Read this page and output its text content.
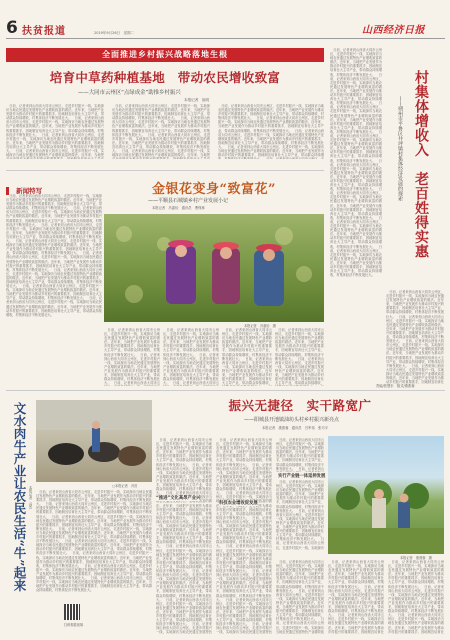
6 扶贫报道	2019年9月26日　星期二	山西经济日报
全面推进乡村振兴战略落地生根
培育中草药种植基地　带动农民增收致富
——大同市云州区“点绿成金”助推乡村振兴
本报记者　崔明
　日前，记者来到山西省大同市云州区，走进乡村振兴一线，实地探访当地农民通过发展特色产业增收致富的做法。近年来，当地把产业发展作为推动乡村振兴的重要抓手，因地制宜培育壮大主导产业，带动群众持续增收，村集体经济不断发展壮大。　日前，记者来到山西省大同市云州区，走进乡村振兴一线，实地探访当地农民通过发展特色产业增收致富的做法。近年来，当地把产业发展作为推动乡村振兴的重要抓手，因地制宜培育壮大主导产业，带动群众持续增收，村集体经济不断发展壮大。　日前，记者来到山西省大同市云州区，走进乡村振兴一线，实地探访当地农民通过发展特色产业增收致富的做法。近年来，当地把产业发展作为推动乡村振兴的重要抓手，因地制宜培育壮大主导产业，带动群众持续增收，村集体经济不断发展壮大。　日前，记者来到山西省大同市云州区，走进乡村振兴一线，实地探访当地农民通过发展特色产业增收致富的做法。近年来，当地把产业发展作为推动乡村振兴的重要抓手，因地制宜培育壮大主导产业，带动群众持续增收，村集体经济不断发展壮大。　日前，记者来到山西省大同市云州区，走进乡村振兴一线，实地探访当地农民通过发展特色产业增收致富的做法。近年来，当地把产业发展作为推动乡村振兴的重要抓手，因地制宜培育壮大主导产业，带动群众持续增收，村集体经济不断发展壮大。　日前，记者来到山西省大同市云州区，走进乡村振兴一线，实地探访当地农民通过发展特色产业增收致富的做法。近年来，当地把产业发展作为推动乡村振兴的重要抓手，因地制宜培育壮大主导产业，带动群众持续增收，村集体经济不断发展壮大。　日前，记者来到山西省大同市云州区，走进乡村振兴一线，实地探访当地农民通过发展特色产业增收致富的做法。近年来，当地把产业发展作为推动乡村振兴的重要抓手，因地制宜培育壮大主导产业，带动群众持续增收，村集体经济不断发展壮大。　日前，记者来到山西省大同市云州区，走进乡村振兴一线，实地探访当地农民通过发展特色产业增收致富的做法。近年来，当地把产业发展作为推动乡村振兴的重要抓手，因地制宜培育壮大主导产业，带动群众持续增收，村集体经济不断发展壮大。
　日前，记者来到山西省大同市云州区，走进乡村振兴一线，实地探访当地农民通过发展特色产业增收致富的做法。近年来，当地把产业发展作为推动乡村振兴的重要抓手，因地制宜培育壮大主导产业，带动群众持续增收，村集体经济不断发展壮大。　日前，记者来到山西省大同市云州区，走进乡村振兴一线，实地探访当地农民通过发展特色产业增收致富的做法。近年来，当地把产业发展作为推动乡村振兴的重要抓手，因地制宜培育壮大主导产业，带动群众持续增收，村集体经济不断发展壮大。　日前，记者来到山西省大同市云州区，走进乡村振兴一线，实地探访当地农民通过发展特色产业增收致富的做法。近年来，当地把产业发展作为推动乡村振兴的重要抓手，因地制宜培育壮大主导产业，带动群众持续增收，村集体经济不断发展壮大。　日前，记者来到山西省大同市云州区，走进乡村振兴一线，实地探访当地农民通过发展特色产业增收致富的做法。近年来，当地把产业发展作为推动乡村振兴的重要抓手，因地制宜培育壮大主导产业，带动群众持续增收，村集体经济不断发展壮大。　日前，记者来到山西省大同市云州区，走进乡村振兴一线，实地探访当地农民通过发展特色产业增收致富的做法。近年来，当地把产业发展作为推动乡村振兴的重要抓手，因地制宜培育壮大主导产业，带动群众持续增收，村集体经济不断发展壮大。　日前，记者来到山西省大同市云州区，走进乡村振兴一线，实地探访当地农民通过发展特色产业增收致富的做法。近年来，当地把产业发展作为推动乡村振兴的重要抓手，因地制宜培育壮大主导产业，带动群众持续增收，村集体经济不断发展壮大。　日前，记者来到山西省大同市云州区，走进乡村振兴一线，实地探访当地农民通过发展特色产业增收致富的做法。近年来，当地把产业发展作为推动乡村振兴的重要抓手，因地制宜培育壮大主导产业，带动群众持续增收，村集体经济不断发展壮大。　日前，记者来到山西省大同市云州区，走进乡村振兴一线，实地探访当地农民通过发展特色产业增收致富的做法。近年来，当地把产业发展作为推动乡村振兴的重要抓手，因地制宜培育壮大主导产业，带动群众持续增收，村集体经济不断发展壮大。
　日前，记者来到山西省大同市云州区，走进乡村振兴一线，实地探访当地农民通过发展特色产业增收致富的做法。近年来，当地把产业发展作为推动乡村振兴的重要抓手，因地制宜培育壮大主导产业，带动群众持续增收，村集体经济不断发展壮大。　日前，记者来到山西省大同市云州区，走进乡村振兴一线，实地探访当地农民通过发展特色产业增收致富的做法。近年来，当地把产业发展作为推动乡村振兴的重要抓手，因地制宜培育壮大主导产业，带动群众持续增收，村集体经济不断发展壮大。　日前，记者来到山西省大同市云州区，走进乡村振兴一线，实地探访当地农民通过发展特色产业增收致富的做法。近年来，当地把产业发展作为推动乡村振兴的重要抓手，因地制宜培育壮大主导产业，带动群众持续增收，村集体经济不断发展壮大。　日前，记者来到山西省大同市云州区，走进乡村振兴一线，实地探访当地农民通过发展特色产业增收致富的做法。近年来，当地把产业发展作为推动乡村振兴的重要抓手，因地制宜培育壮大主导产业，带动群众持续增收，村集体经济不断发展壮大。　日前，记者来到山西省大同市云州区，走进乡村振兴一线，实地探访当地农民通过发展特色产业增收致富的做法。近年来，当地把产业发展作为推动乡村振兴的重要抓手，因地制宜培育壮大主导产业，带动群众持续增收，村集体经济不断发展壮大。　日前，记者来到山西省大同市云州区，走进乡村振兴一线，实地探访当地农民通过发展特色产业增收致富的做法。近年来，当地把产业发展作为推动乡村振兴的重要抓手，因地制宜培育壮大主导产业，带动群众持续增收，村集体经济不断发展壮大。　日前，记者来到山西省大同市云州区，走进乡村振兴一线，实地探访当地农民通过发展特色产业增收致富的做法。近年来，当地把产业发展作为推动乡村振兴的重要抓手，因地制宜培育壮大主导产业，带动群众持续增收，村集体经济不断发展壮大。　日前，记者来到山西省大同市云州区，走进乡村振兴一线，实地探访当地农民通过发展特色产业增收致富的做法。近年来，当地把产业发展作为推动乡村振兴的重要抓手，因地制宜培育壮大主导产业，带动群众持续增收，村集体经济不断发展壮大。
新闻特写
　日前，记者来到山西省大同市云州区，走进乡村振兴一线，实地探访当地农民通过发展特色产业增收致富的做法。近年来，当地把产业发展作为推动乡村振兴的重要抓手，因地制宜培育壮大主导产业，带动群众持续增收，村集体经济不断发展壮大。　日前，记者来到山西省大同市云州区，走进乡村振兴一线，实地探访当地农民通过发展特色产业增收致富的做法。近年来，当地把产业发展作为推动乡村振兴的重要抓手，因地制宜培育壮大主导产业，带动群众持续增收，村集体经济不断发展壮大。　日前，记者来到山西省大同市云州区，走进乡村振兴一线，实地探访当地农民通过发展特色产业增收致富的做法。近年来，当地把产业发展作为推动乡村振兴的重要抓手，因地制宜培育壮大主导产业，带动群众持续增收，村集体经济不断发展壮大。　日前，记者来到山西省大同市云州区，走进乡村振兴一线，实地探访当地农民通过发展特色产业增收致富的做法。近年来，当地把产业发展作为推动乡村振兴的重要抓手，因地制宜培育壮大主导产业，带动群众持续增收，村集体经济不断发展壮大。　日前，记者来到山西省大同市云州区，走进乡村振兴一线，实地探访当地农民通过发展特色产业增收致富的做法。近年来，当地把产业发展作为推动乡村振兴的重要抓手，因地制宜培育壮大主导产业，带动群众持续增收，村集体经济不断发展壮大。　日前，记者来到山西省大同市云州区，走进乡村振兴一线，实地探访当地农民通过发展特色产业增收致富的做法。近年来，当地把产业发展作为推动乡村振兴的重要抓手，因地制宜培育壮大主导产业，带动群众持续增收，村集体经济不断发展壮大。　日前，记者来到山西省大同市云州区，走进乡村振兴一线，实地探访当地农民通过发展特色产业增收致富的做法。近年来，当地把产业发展作为推动乡村振兴的重要抓手，因地制宜培育壮大主导产业，带动群众持续增收，村集体经济不断发展壮大。　日前，记者来到山西省大同市云州区，走进乡村振兴一线，实地探访当地农民通过发展特色产业增收致富的做法。近年来，当地把产业发展作为推动乡村振兴的重要抓手，因地制宜培育壮大主导产业，带动群众持续增收，村集体经济不断发展壮大。	金银花变身“致富花”
——平顺县石城镇乡村产业发展小记
本报记者　冯嘉怡　通讯员　曹保林
本报记者　冯嘉怡　摄
　日前，记者来到山西省大同市云州区，走进乡村振兴一线，实地探访当地农民通过发展特色产业增收致富的做法。近年来，当地把产业发展作为推动乡村振兴的重要抓手，因地制宜培育壮大主导产业，带动群众持续增收，村集体经济不断发展壮大。　日前，记者来到山西省大同市云州区，走进乡村振兴一线，实地探访当地农民通过发展特色产业增收致富的做法。近年来，当地把产业发展作为推动乡村振兴的重要抓手，因地制宜培育壮大主导产业，带动群众持续增收，村集体经济不断发展壮大。　日前，记者来到山西省大同市云州区，走进乡村振兴一线，实地探访当地农民通过发展特色产业增收致富的做法。近年来，当地把产业发展作为推动乡村振兴的重要抓手，因地制宜培育壮大主导产业，带动群众持续增收，村集体经济不断发展壮大。　日前，记者来到山西省大同市云州区，走进乡村振兴一线，实地探访当地农民通过发展特色产业增收致富的做法。近年来，当地把产业发展作为推动乡村振兴的重要抓手，因地制宜培育壮大主导产业，带动群众持续增收，村集体经济不断发展壮大。　日前，记者来到山西省大同市云州区，走进乡村振兴一线，实地探访当地农民通过发展特色产业增收致富的做法。近年来，当地把产业发展作为推动乡村振兴的重要抓手，因地制宜培育壮大主导产业，带动群众持续增收，村集体经济不断发展壮大。　日前，记者来到山西省大同市云州区，走进乡村振兴一线，实地探访当地农民通过发展特色产业增收致富的做法。近年来，当地把产业发展作为推动乡村振兴的重要抓手，因地制宜培育壮大主导产业，带动群众持续增收，村集体经济不断发展壮大。　日前，记者来到山西省大同市云州区，走进乡村振兴一线，实地探访当地农民通过发展特色产业增收致富的做法。近年来，当地把产业发展作为推动乡村振兴的重要抓手，因地制宜培育壮大主导产业，带动群众持续增收，村集体经济不断发展壮大。　日前，记者来到山西省大同市云州区，走进乡村振兴一线，实地探访当地农民通过发展特色产业增收致富的做法。近年来，当地把产业发展作为推动乡村振兴的重要抓手，因地制宜培育壮大主导产业，带动群众持续增收，村集体经济不断发展壮大。
　日前，记者来到山西省大同市云州区，走进乡村振兴一线，实地探访当地农民通过发展特色产业增收致富的做法。近年来，当地把产业发展作为推动乡村振兴的重要抓手，因地制宜培育壮大主导产业，带动群众持续增收，村集体经济不断发展壮大。　日前，记者来到山西省大同市云州区，走进乡村振兴一线，实地探访当地农民通过发展特色产业增收致富的做法。近年来，当地把产业发展作为推动乡村振兴的重要抓手，因地制宜培育壮大主导产业，带动群众持续增收，村集体经济不断发展壮大。　日前，记者来到山西省大同市云州区，走进乡村振兴一线，实地探访当地农民通过发展特色产业增收致富的做法。近年来，当地把产业发展作为推动乡村振兴的重要抓手，因地制宜培育壮大主导产业，带动群众持续增收，村集体经济不断发展壮大。　日前，记者来到山西省大同市云州区，走进乡村振兴一线，实地探访当地农民通过发展特色产业增收致富的做法。近年来，当地把产业发展作为推动乡村振兴的重要抓手，因地制宜培育壮大主导产业，带动群众持续增收，村集体经济不断发展壮大。　日前，记者来到山西省大同市云州区，走进乡村振兴一线，实地探访当地农民通过发展特色产业增收致富的做法。近年来，当地把产业发展作为推动乡村振兴的重要抓手，因地制宜培育壮大主导产业，带动群众持续增收，村集体经济不断发展壮大。　日前，记者来到山西省大同市云州区，走进乡村振兴一线，实地探访当地农民通过发展特色产业增收致富的做法。近年来，当地把产业发展作为推动乡村振兴的重要抓手，因地制宜培育壮大主导产业，带动群众持续增收，村集体经济不断发展壮大。　日前，记者来到山西省大同市云州区，走进乡村振兴一线，实地探访当地农民通过发展特色产业增收致富的做法。近年来，当地把产业发展作为推动乡村振兴的重要抓手，因地制宜培育壮大主导产业，带动群众持续增收，村集体经济不断发展壮大。　日前，记者来到山西省大同市云州区，走进乡村振兴一线，实地探访当地农民通过发展特色产业增收致富的做法。近年来，当地把产业发展作为推动乡村振兴的重要抓手，因地制宜培育壮大主导产业，带动群众持续增收，村集体经济不断发展壮大。
　日前，记者来到山西省大同市云州区，走进乡村振兴一线，实地探访当地农民通过发展特色产业增收致富的做法。近年来，当地把产业发展作为推动乡村振兴的重要抓手，因地制宜培育壮大主导产业，带动群众持续增收，村集体经济不断发展壮大。　日前，记者来到山西省大同市云州区，走进乡村振兴一线，实地探访当地农民通过发展特色产业增收致富的做法。近年来，当地把产业发展作为推动乡村振兴的重要抓手，因地制宜培育壮大主导产业，带动群众持续增收，村集体经济不断发展壮大。　日前，记者来到山西省大同市云州区，走进乡村振兴一线，实地探访当地农民通过发展特色产业增收致富的做法。近年来，当地把产业发展作为推动乡村振兴的重要抓手，因地制宜培育壮大主导产业，带动群众持续增收，村集体经济不断发展壮大。　日前，记者来到山西省大同市云州区，走进乡村振兴一线，实地探访当地农民通过发展特色产业增收致富的做法。近年来，当地把产业发展作为推动乡村振兴的重要抓手，因地制宜培育壮大主导产业，带动群众持续增收，村集体经济不断发展壮大。　日前，记者来到山西省大同市云州区，走进乡村振兴一线，实地探访当地农民通过发展特色产业增收致富的做法。近年来，当地把产业发展作为推动乡村振兴的重要抓手，因地制宜培育壮大主导产业，带动群众持续增收，村集体经济不断发展壮大。　日前，记者来到山西省大同市云州区，走进乡村振兴一线，实地探访当地农民通过发展特色产业增收致富的做法。近年来，当地把产业发展作为推动乡村振兴的重要抓手，因地制宜培育壮大主导产业，带动群众持续增收，村集体经济不断发展壮大。　日前，记者来到山西省大同市云州区，走进乡村振兴一线，实地探访当地农民通过发展特色产业增收致富的做法。近年来，当地把产业发展作为推动乡村振兴的重要抓手，因地制宜培育壮大主导产业，带动群众持续增收，村集体经济不断发展壮大。　日前，记者来到山西省大同市云州区，走进乡村振兴一线，实地探访当地农民通过发展特色产业增收致富的做法。近年来，当地把产业发展作为推动乡村振兴的重要抓手，因地制宜培育壮大主导产业，带动群众持续增收，村集体经济不断发展壮大。
　日前，记者来到山西省大同市云州区，走进乡村振兴一线，实地探访当地农民通过发展特色产业增收致富的做法。近年来，当地把产业发展作为推动乡村振兴的重要抓手，因地制宜培育壮大主导产业，带动群众持续增收，村集体经济不断发展壮大。　日前，记者来到山西省大同市云州区，走进乡村振兴一线，实地探访当地农民通过发展特色产业增收致富的做法。近年来，当地把产业发展作为推动乡村振兴的重要抓手，因地制宜培育壮大主导产业，带动群众持续增收，村集体经济不断发展壮大。　日前，记者来到山西省大同市云州区，走进乡村振兴一线，实地探访当地农民通过发展特色产业增收致富的做法。近年来，当地把产业发展作为推动乡村振兴的重要抓手，因地制宜培育壮大主导产业，带动群众持续增收，村集体经济不断发展壮大。　日前，记者来到山西省大同市云州区，走进乡村振兴一线，实地探访当地农民通过发展特色产业增收致富的做法。近年来，当地把产业发展作为推动乡村振兴的重要抓手，因地制宜培育壮大主导产业，带动群众持续增收，村集体经济不断发展壮大。　日前，记者来到山西省大同市云州区，走进乡村振兴一线，实地探访当地农民通过发展特色产业增收致富的做法。近年来，当地把产业发展作为推动乡村振兴的重要抓手，因地制宜培育壮大主导产业，带动群众持续增收，村集体经济不断发展壮大。　日前，记者来到山西省大同市云州区，走进乡村振兴一线，实地探访当地农民通过发展特色产业增收致富的做法。近年来，当地把产业发展作为推动乡村振兴的重要抓手，因地制宜培育壮大主导产业，带动群众持续增收，村集体经济不断发展壮大。　日前，记者来到山西省大同市云州区，走进乡村振兴一线，实地探访当地农民通过发展特色产业增收致富的做法。近年来，当地把产业发展作为推动乡村振兴的重要抓手，因地制宜培育壮大主导产业，带动群众持续增收，村集体经济不断发展壮大。　日前，记者来到山西省大同市云州区，走进乡村振兴一线，实地探访当地农民通过发展特色产业增收致富的做法。近年来，当地把产业发展作为推动乡村振兴的重要抓手，因地制宜培育壮大主导产业，带动群众持续增收，村集体经济不断发展壮大。
　日前，记者来到山西省大同市云州区，走进乡村振兴一线，实地探访当地农民通过发展特色产业增收致富的做法。近年来，当地把产业发展作为推动乡村振兴的重要抓手，因地制宜培育壮大主导产业，带动群众持续增收，村集体经济不断发展壮大。　日前，记者来到山西省大同市云州区，走进乡村振兴一线，实地探访当地农民通过发展特色产业增收致富的做法。近年来，当地把产业发展作为推动乡村振兴的重要抓手，因地制宜培育壮大主导产业，带动群众持续增收，村集体经济不断发展壮大。　日前，记者来到山西省大同市云州区，走进乡村振兴一线，实地探访当地农民通过发展特色产业增收致富的做法。近年来，当地把产业发展作为推动乡村振兴的重要抓手，因地制宜培育壮大主导产业，带动群众持续增收，村集体经济不断发展壮大。　日前，记者来到山西省大同市云州区，走进乡村振兴一线，实地探访当地农民通过发展特色产业增收致富的做法。近年来，当地把产业发展作为推动乡村振兴的重要抓手，因地制宜培育壮大主导产业，带动群众持续增收，村集体经济不断发展壮大。　日前，记者来到山西省大同市云州区，走进乡村振兴一线，实地探访当地农民通过发展特色产业增收致富的做法。近年来，当地把产业发展作为推动乡村振兴的重要抓手，因地制宜培育壮大主导产业，带动群众持续增收，村集体经济不断发展壮大。　日前，记者来到山西省大同市云州区，走进乡村振兴一线，实地探访当地农民通过发展特色产业增收致富的做法。近年来，当地把产业发展作为推动乡村振兴的重要抓手，因地制宜培育壮大主导产业，带动群众持续增收，村集体经济不断发展壮大。　日前，记者来到山西省大同市云州区，走进乡村振兴一线，实地探访当地农民通过发展特色产业增收致富的做法。近年来，当地把产业发展作为推动乡村振兴的重要抓手，因地制宜培育壮大主导产业，带动群众持续增收，村集体经济不断发展壮大。　日前，记者来到山西省大同市云州区，走进乡村振兴一线，实地探访当地农民通过发展特色产业增收致富的做法。近年来，当地把产业发展作为推动乡村振兴的重要抓手，因地制宜培育壮大主导产业，带动群众持续增收，村集体经济不断发展壮大。
村集体增收入　老百姓得实惠
——朔州市平鲁区井坪镇村集体经济发展的探索
　日前，记者来到山西省大同市云州区，走进乡村振兴一线，实地探访当地农民通过发展特色产业增收致富的做法。近年来，当地把产业发展作为推动乡村振兴的重要抓手，因地制宜培育壮大主导产业，带动群众持续增收，村集体经济不断发展壮大。　日前，记者来到山西省大同市云州区，走进乡村振兴一线，实地探访当地农民通过发展特色产业增收致富的做法。近年来，当地把产业发展作为推动乡村振兴的重要抓手，因地制宜培育壮大主导产业，带动群众持续增收，村集体经济不断发展壮大。　日前，记者来到山西省大同市云州区，走进乡村振兴一线，实地探访当地农民通过发展特色产业增收致富的做法。近年来，当地把产业发展作为推动乡村振兴的重要抓手，因地制宜培育壮大主导产业，带动群众持续增收，村集体经济不断发展壮大。　日前，记者来到山西省大同市云州区，走进乡村振兴一线，实地探访当地农民通过发展特色产业增收致富的做法。近年来，当地把产业发展作为推动乡村振兴的重要抓手，因地制宜培育壮大主导产业，带动群众持续增收，村集体经济不断发展壮大。　日前，记者来到山西省大同市云州区，走进乡村振兴一线，实地探访当地农民通过发展特色产业增收致富的做法。近年来，当地把产业发展作为推动乡村振兴的重要抓手，因地制宜培育壮大主导产业，带动群众持续增收，村集体经济不断发展壮大。　日前，记者来到山西省大同市云州区，走进乡村振兴一线，实地探访当地农民通过发展特色产业增收致富的做法。近年来，当地把产业发展作为推动乡村振兴的重要抓手，因地制宜培育壮大主导产业，带动群众持续增收，村集体经济不断发展壮大。　日前，记者来到山西省大同市云州区，走进乡村振兴一线，实地探访当地农民通过发展特色产业增收致富的做法。近年来，当地把产业发展作为推动乡村振兴的重要抓手，因地制宜培育壮大主导产业，带动群众持续增收，村集体经济不断发展壮大。　日前，记者来到山西省大同市云州区，走进乡村振兴一线，实地探访当地农民通过发展特色产业增收致富的做法。近年来，当地把产业发展作为推动乡村振兴的重要抓手，因地制宜培育壮大主导产业，带动群众持续增收，村集体经济不断发展壮大。
责编/张慧东　版式/康燕蓉
振兴无捷径　实干路宽广
——阳城县开池镇油坊头村乡村振兴新亮点
本报记者　康燕蓉　通讯员　吕军伟　张巧平
　日前，记者来到山西省大同市云州区，走进乡村振兴一线，实地探访当地农民通过发展特色产业增收致富的做法。近年来，当地把产业发展作为推动乡村振兴的重要抓手，因地制宜培育壮大主导产业，带动群众持续增收，村集体经济不断发展壮大。　日前，记者来到山西省大同市云州区，走进乡村振兴一线，实地探访当地农民通过发展特色产业增收致富的做法。近年来，当地把产业发展作为推动乡村振兴的重要抓手，因地制宜培育壮大主导产业，带动群众持续增收，村集体经济不断发展壮大。　日前，记者来到山西省大同市云州区，走进乡村振兴一线，实地探访当地农民通过发展特色产业增收致富的做法。近年来，当地把产业发展作为推动乡村振兴的重要抓手，因地制宜培育壮大主导产业，带动群众持续增收，村集体经济不断发展壮大。　日前，记者来到山西省大同市云州区，走进乡村振兴一线，实地探访当地农民通过发展特色产业增收致富的做法。近年来，当地把产业发展作为推动乡村振兴的重要抓手，因地制宜培育壮大主导产业，带动群众持续增收，村集体经济不断发展壮大。　日前，记者来到山西省大同市云州区，走进乡村振兴一线，实地探访当地农民通过发展特色产业增收致富的做法。近年来，当地把产业发展作为推动乡村振兴的重要抓手，因地制宜培育壮大主导产业，带动群众持续增收，村集体经济不断发展壮大。　日前，记者来到山西省大同市云州区，走进乡村振兴一线，实地探访当地农民通过发展特色产业增收致富的做法。近年来，当地把产业发展作为推动乡村振兴的重要抓手，因地制宜培育壮大主导产业，带动群众持续增收，村集体经济不断发展壮大。　日前，记者来到山西省大同市云州区，走进乡村振兴一线，实地探访当地农民通过发展特色产业增收致富的做法。近年来，当地把产业发展作为推动乡村振兴的重要抓手，因地制宜培育壮大主导产业，带动群众持续增收，村集体经济不断发展壮大。　日前，记者来到山西省大同市云州区，走进乡村振兴一线，实地探访当地农民通过发展特色产业增收致富的做法。近年来，当地把产业发展作为推动乡村振兴的重要抓手，因地制宜培育壮大主导产业，带动群众持续增收，村集体经济不断发展壮大。
“推进”文化高昂产业兴
　日前，记者来到山西省大同市云州区，走进乡村振兴一线，实地探访当地农民通过发展特色产业增收致富的做法。近年来，当地把产业发展作为推动乡村振兴的重要抓手，因地制宜培育壮大主导产业，带动群众持续增收，村集体经济不断发展壮大。　日前，记者来到山西省大同市云州区，走进乡村振兴一线，实地探访当地农民通过发展特色产业增收致富的做法。近年来，当地把产业发展作为推动乡村振兴的重要抓手，因地制宜培育壮大主导产业，带动群众持续增收，村集体经济不断发展壮大。　日前，记者来到山西省大同市云州区，走进乡村振兴一线，实地探访当地农民通过发展特色产业增收致富的做法。近年来，当地把产业发展作为推动乡村振兴的重要抓手，因地制宜培育壮大主导产业，带动群众持续增收，村集体经济不断发展壮大。　日前，记者来到山西省大同市云州区，走进乡村振兴一线，实地探访当地农民通过发展特色产业增收致富的做法。近年来，当地把产业发展作为推动乡村振兴的重要抓手，因地制宜培育壮大主导产业，带动群众持续增收，村集体经济不断发展壮大。　日前，记者来到山西省大同市云州区，走进乡村振兴一线，实地探访当地农民通过发展特色产业增收致富的做法。近年来，当地把产业发展作为推动乡村振兴的重要抓手，因地制宜培育壮大主导产业，带动群众持续增收，村集体经济不断发展壮大。　日前，记者来到山西省大同市云州区，走进乡村振兴一线，实地探访当地农民通过发展特色产业增收致富的做法。近年来，当地把产业发展作为推动乡村振兴的重要抓手，因地制宜培育壮大主导产业，带动群众持续增收，村集体经济不断发展壮大。　日前，记者来到山西省大同市云州区，走进乡村振兴一线，实地探访当地农民通过发展特色产业增收致富的做法。近年来，当地把产业发展作为推动乡村振兴的重要抓手，因地制宜培育壮大主导产业，带动群众持续增收，村集体经济不断发展壮大。　日前，记者来到山西省大同市云州区，走进乡村振兴一线，实地探访当地农民通过发展特色产业增收致富的做法。近年来，当地把产业发展作为推动乡村振兴的重要抓手，因地制宜培育壮大主导产业，带动群众持续增收，村集体经济不断发展壮大。
科技农业增收促发展
　日前，记者来到山西省大同市云州区，走进乡村振兴一线，实地探访当地农民通过发展特色产业增收致富的做法。近年来，当地把产业发展作为推动乡村振兴的重要抓手，因地制宜培育壮大主导产业，带动群众持续增收，村集体经济不断发展壮大。　日前，记者来到山西省大同市云州区，走进乡村振兴一线，实地探访当地农民通过发展特色产业增收致富的做法。近年来，当地把产业发展作为推动乡村振兴的重要抓手，因地制宜培育壮大主导产业，带动群众持续增收，村集体经济不断发展壮大。　日前，记者来到山西省大同市云州区，走进乡村振兴一线，实地探访当地农民通过发展特色产业增收致富的做法。近年来，当地把产业发展作为推动乡村振兴的重要抓手，因地制宜培育壮大主导产业，带动群众持续增收，村集体经济不断发展壮大。　日前，记者来到山西省大同市云州区，走进乡村振兴一线，实地探访当地农民通过发展特色产业增收致富的做法。近年来，当地把产业发展作为推动乡村振兴的重要抓手，因地制宜培育壮大主导产业，带动群众持续增收，村集体经济不断发展壮大。　日前，记者来到山西省大同市云州区，走进乡村振兴一线，实地探访当地农民通过发展特色产业增收致富的做法。近年来，当地把产业发展作为推动乡村振兴的重要抓手，因地制宜培育壮大主导产业，带动群众持续增收，村集体经济不断发展壮大。　日前，记者来到山西省大同市云州区，走进乡村振兴一线，实地探访当地农民通过发展特色产业增收致富的做法。近年来，当地把产业发展作为推动乡村振兴的重要抓手，因地制宜培育壮大主导产业，带动群众持续增收，村集体经济不断发展壮大。　日前，记者来到山西省大同市云州区，走进乡村振兴一线，实地探访当地农民通过发展特色产业增收致富的做法。近年来，当地把产业发展作为推动乡村振兴的重要抓手，因地制宜培育壮大主导产业，带动群众持续增收，村集体经济不断发展壮大。　日前，记者来到山西省大同市云州区，走进乡村振兴一线，实地探访当地农民通过发展特色产业增收致富的做法。近年来，当地把产业发展作为推动乡村振兴的重要抓手，因地制宜培育壮大主导产业，带动群众持续增收，村集体经济不断发展壮大。
实行产业链一体延伸发展
　日前，记者来到山西省大同市云州区，走进乡村振兴一线，实地探访当地农民通过发展特色产业增收致富的做法。近年来，当地把产业发展作为推动乡村振兴的重要抓手，因地制宜培育壮大主导产业，带动群众持续增收，村集体经济不断发展壮大。　日前，记者来到山西省大同市云州区，走进乡村振兴一线，实地探访当地农民通过发展特色产业增收致富的做法。近年来，当地把产业发展作为推动乡村振兴的重要抓手，因地制宜培育壮大主导产业，带动群众持续增收，村集体经济不断发展壮大。　日前，记者来到山西省大同市云州区，走进乡村振兴一线，实地探访当地农民通过发展特色产业增收致富的做法。近年来，当地把产业发展作为推动乡村振兴的重要抓手，因地制宜培育壮大主导产业，带动群众持续增收，村集体经济不断发展壮大。　日前，记者来到山西省大同市云州区，走进乡村振兴一线，实地探访当地农民通过发展特色产业增收致富的做法。近年来，当地把产业发展作为推动乡村振兴的重要抓手，因地制宜培育壮大主导产业，带动群众持续增收，村集体经济不断发展壮大。　日前，记者来到山西省大同市云州区，走进乡村振兴一线，实地探访当地农民通过发展特色产业增收致富的做法。近年来，当地把产业发展作为推动乡村振兴的重要抓手，因地制宜培育壮大主导产业，带动群众持续增收，村集体经济不断发展壮大。　日前，记者来到山西省大同市云州区，走进乡村振兴一线，实地探访当地农民通过发展特色产业增收致富的做法。近年来，当地把产业发展作为推动乡村振兴的重要抓手，因地制宜培育壮大主导产业，带动群众持续增收，村集体经济不断发展壮大。　日前，记者来到山西省大同市云州区，走进乡村振兴一线，实地探访当地农民通过发展特色产业增收致富的做法。近年来，当地把产业发展作为推动乡村振兴的重要抓手，因地制宜培育壮大主导产业，带动群众持续增收，村集体经济不断发展壮大。　日前，记者来到山西省大同市云州区，走进乡村振兴一线，实地探访当地农民通过发展特色产业增收致富的做法。近年来，当地把产业发展作为推动乡村振兴的重要抓手，因地制宜培育壮大主导产业，带动群众持续增收，村集体经济不断发展壮大。
本报记者　康燕蓉　摄
　日前，记者来到山西省大同市云州区，走进乡村振兴一线，实地探访当地农民通过发展特色产业增收致富的做法。近年来，当地把产业发展作为推动乡村振兴的重要抓手，因地制宜培育壮大主导产业，带动群众持续增收，村集体经济不断发展壮大。　日前，记者来到山西省大同市云州区，走进乡村振兴一线，实地探访当地农民通过发展特色产业增收致富的做法。近年来，当地把产业发展作为推动乡村振兴的重要抓手，因地制宜培育壮大主导产业，带动群众持续增收，村集体经济不断发展壮大。　日前，记者来到山西省大同市云州区，走进乡村振兴一线，实地探访当地农民通过发展特色产业增收致富的做法。近年来，当地把产业发展作为推动乡村振兴的重要抓手，因地制宜培育壮大主导产业，带动群众持续增收，村集体经济不断发展壮大。　日前，记者来到山西省大同市云州区，走进乡村振兴一线，实地探访当地农民通过发展特色产业增收致富的做法。近年来，当地把产业发展作为推动乡村振兴的重要抓手，因地制宜培育壮大主导产业，带动群众持续增收，村集体经济不断发展壮大。　日前，记者来到山西省大同市云州区，走进乡村振兴一线，实地探访当地农民通过发展特色产业增收致富的做法。近年来，当地把产业发展作为推动乡村振兴的重要抓手，因地制宜培育壮大主导产业，带动群众持续增收，村集体经济不断发展壮大。　日前，记者来到山西省大同市云州区，走进乡村振兴一线，实地探访当地农民通过发展特色产业增收致富的做法。近年来，当地把产业发展作为推动乡村振兴的重要抓手，因地制宜培育壮大主导产业，带动群众持续增收，村集体经济不断发展壮大。　日前，记者来到山西省大同市云州区，走进乡村振兴一线，实地探访当地农民通过发展特色产业增收致富的做法。近年来，当地把产业发展作为推动乡村振兴的重要抓手，因地制宜培育壮大主导产业，带动群众持续增收，村集体经济不断发展壮大。　日前，记者来到山西省大同市云州区，走进乡村振兴一线，实地探访当地农民通过发展特色产业增收致富的做法。近年来，当地把产业发展作为推动乡村振兴的重要抓手，因地制宜培育壮大主导产业，带动群众持续增收，村集体经济不断发展壮大。
　日前，记者来到山西省大同市云州区，走进乡村振兴一线，实地探访当地农民通过发展特色产业增收致富的做法。近年来，当地把产业发展作为推动乡村振兴的重要抓手，因地制宜培育壮大主导产业，带动群众持续增收，村集体经济不断发展壮大。　日前，记者来到山西省大同市云州区，走进乡村振兴一线，实地探访当地农民通过发展特色产业增收致富的做法。近年来，当地把产业发展作为推动乡村振兴的重要抓手，因地制宜培育壮大主导产业，带动群众持续增收，村集体经济不断发展壮大。　日前，记者来到山西省大同市云州区，走进乡村振兴一线，实地探访当地农民通过发展特色产业增收致富的做法。近年来，当地把产业发展作为推动乡村振兴的重要抓手，因地制宜培育壮大主导产业，带动群众持续增收，村集体经济不断发展壮大。　日前，记者来到山西省大同市云州区，走进乡村振兴一线，实地探访当地农民通过发展特色产业增收致富的做法。近年来，当地把产业发展作为推动乡村振兴的重要抓手，因地制宜培育壮大主导产业，带动群众持续增收，村集体经济不断发展壮大。　日前，记者来到山西省大同市云州区，走进乡村振兴一线，实地探访当地农民通过发展特色产业增收致富的做法。近年来，当地把产业发展作为推动乡村振兴的重要抓手，因地制宜培育壮大主导产业，带动群众持续增收，村集体经济不断发展壮大。　日前，记者来到山西省大同市云州区，走进乡村振兴一线，实地探访当地农民通过发展特色产业增收致富的做法。近年来，当地把产业发展作为推动乡村振兴的重要抓手，因地制宜培育壮大主导产业，带动群众持续增收，村集体经济不断发展壮大。　日前，记者来到山西省大同市云州区，走进乡村振兴一线，实地探访当地农民通过发展特色产业增收致富的做法。近年来，当地把产业发展作为推动乡村振兴的重要抓手，因地制宜培育壮大主导产业，带动群众持续增收，村集体经济不断发展壮大。　日前，记者来到山西省大同市云州区，走进乡村振兴一线，实地探访当地农民通过发展特色产业增收致富的做法。近年来，当地把产业发展作为推动乡村振兴的重要抓手，因地制宜培育壮大主导产业，带动群众持续增收，村集体经济不断发展壮大。
　日前，记者来到山西省大同市云州区，走进乡村振兴一线，实地探访当地农民通过发展特色产业增收致富的做法。近年来，当地把产业发展作为推动乡村振兴的重要抓手，因地制宜培育壮大主导产业，带动群众持续增收，村集体经济不断发展壮大。　日前，记者来到山西省大同市云州区，走进乡村振兴一线，实地探访当地农民通过发展特色产业增收致富的做法。近年来，当地把产业发展作为推动乡村振兴的重要抓手，因地制宜培育壮大主导产业，带动群众持续增收，村集体经济不断发展壮大。　日前，记者来到山西省大同市云州区，走进乡村振兴一线，实地探访当地农民通过发展特色产业增收致富的做法。近年来，当地把产业发展作为推动乡村振兴的重要抓手，因地制宜培育壮大主导产业，带动群众持续增收，村集体经济不断发展壮大。　日前，记者来到山西省大同市云州区，走进乡村振兴一线，实地探访当地农民通过发展特色产业增收致富的做法。近年来，当地把产业发展作为推动乡村振兴的重要抓手，因地制宜培育壮大主导产业，带动群众持续增收，村集体经济不断发展壮大。　日前，记者来到山西省大同市云州区，走进乡村振兴一线，实地探访当地农民通过发展特色产业增收致富的做法。近年来，当地把产业发展作为推动乡村振兴的重要抓手，因地制宜培育壮大主导产业，带动群众持续增收，村集体经济不断发展壮大。　日前，记者来到山西省大同市云州区，走进乡村振兴一线，实地探访当地农民通过发展特色产业增收致富的做法。近年来，当地把产业发展作为推动乡村振兴的重要抓手，因地制宜培育壮大主导产业，带动群众持续增收，村集体经济不断发展壮大。　日前，记者来到山西省大同市云州区，走进乡村振兴一线，实地探访当地农民通过发展特色产业增收致富的做法。近年来，当地把产业发展作为推动乡村振兴的重要抓手，因地制宜培育壮大主导产业，带动群众持续增收，村集体经济不断发展壮大。　日前，记者来到山西省大同市云州区，走进乡村振兴一线，实地探访当地农民通过发展特色产业增收致富的做法。近年来，当地把产业发展作为推动乡村振兴的重要抓手，因地制宜培育壮大主导产业，带动群众持续增收，村集体经济不断发展壮大。
文水肉牛产业让农民生活“牛”起来 本报记者　冯晋	□本报记者　冯晋
　日前，记者来到山西省大同市云州区，走进乡村振兴一线，实地探访当地农民通过发展特色产业增收致富的做法。近年来，当地把产业发展作为推动乡村振兴的重要抓手，因地制宜培育壮大主导产业，带动群众持续增收，村集体经济不断发展壮大。　日前，记者来到山西省大同市云州区，走进乡村振兴一线，实地探访当地农民通过发展特色产业增收致富的做法。近年来，当地把产业发展作为推动乡村振兴的重要抓手，因地制宜培育壮大主导产业，带动群众持续增收，村集体经济不断发展壮大。　日前，记者来到山西省大同市云州区，走进乡村振兴一线，实地探访当地农民通过发展特色产业增收致富的做法。近年来，当地把产业发展作为推动乡村振兴的重要抓手，因地制宜培育壮大主导产业，带动群众持续增收，村集体经济不断发展壮大。　日前，记者来到山西省大同市云州区，走进乡村振兴一线，实地探访当地农民通过发展特色产业增收致富的做法。近年来，当地把产业发展作为推动乡村振兴的重要抓手，因地制宜培育壮大主导产业，带动群众持续增收，村集体经济不断发展壮大。　日前，记者来到山西省大同市云州区，走进乡村振兴一线，实地探访当地农民通过发展特色产业增收致富的做法。近年来，当地把产业发展作为推动乡村振兴的重要抓手，因地制宜培育壮大主导产业，带动群众持续增收，村集体经济不断发展壮大。　日前，记者来到山西省大同市云州区，走进乡村振兴一线，实地探访当地农民通过发展特色产业增收致富的做法。近年来，当地把产业发展作为推动乡村振兴的重要抓手，因地制宜培育壮大主导产业，带动群众持续增收，村集体经济不断发展壮大。　日前，记者来到山西省大同市云州区，走进乡村振兴一线，实地探访当地农民通过发展特色产业增收致富的做法。近年来，当地把产业发展作为推动乡村振兴的重要抓手，因地制宜培育壮大主导产业，带动群众持续增收，村集体经济不断发展壮大。　日前，记者来到山西省大同市云州区，走进乡村振兴一线，实地探访当地农民通过发展特色产业增收致富的做法。近年来，当地把产业发展作为推动乡村振兴的重要抓手，因地制宜培育壮大主导产业，带动群众持续增收，村集体经济不断发展壮大。
扫码观看视频
